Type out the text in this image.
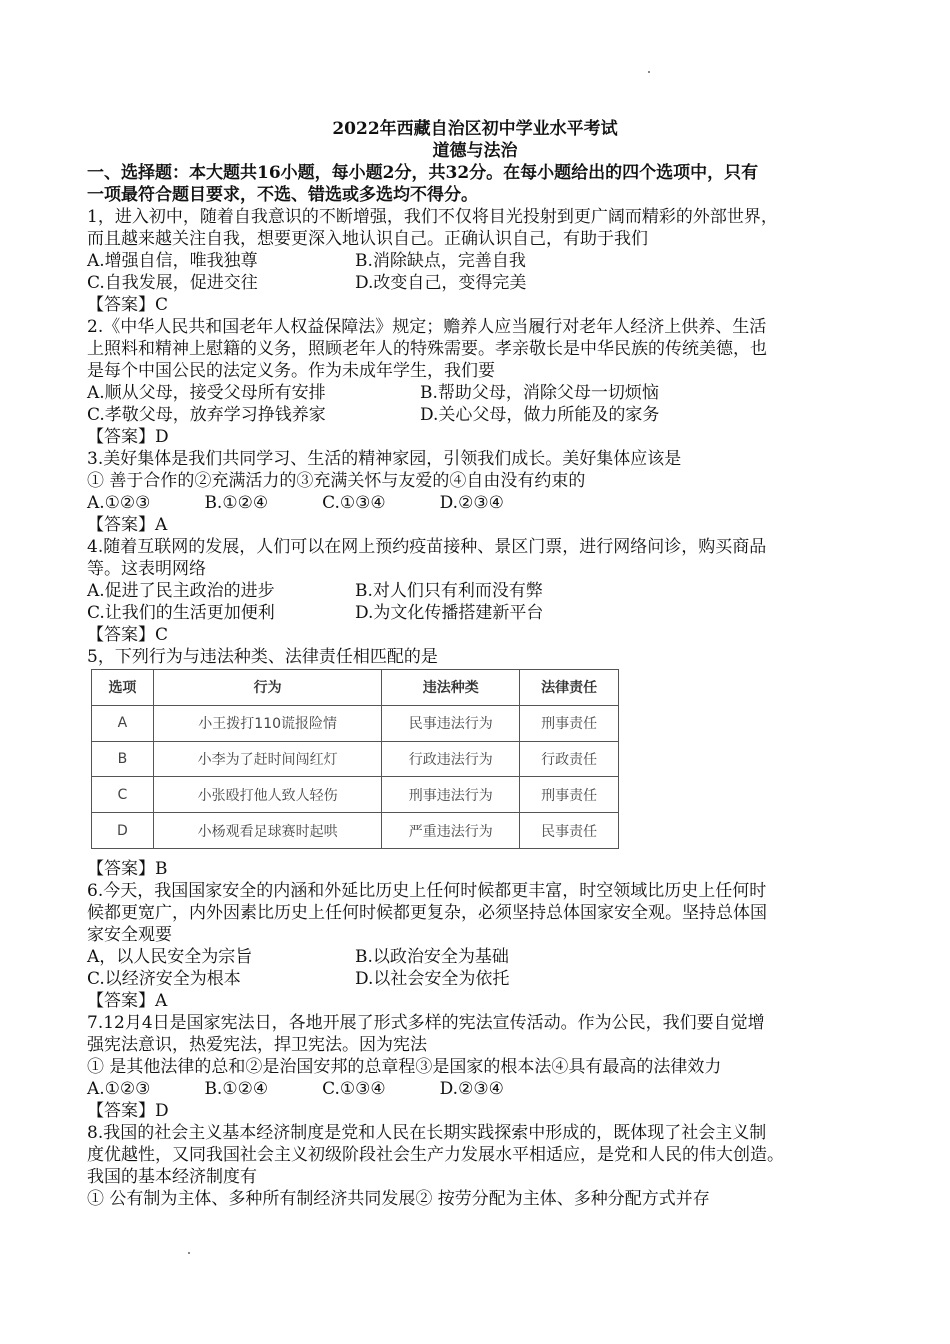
2022年西藏自治区初中学业水平考试
道德与法治
一、选择题：本大题共16小题，每小题2分，共32分。在每小题给出的四个选项中，只有
一项最符合题目要求，不选、错选或多选均不得分。
1，进入初中，随着自我意识的不断增强，我们不仅将目光投射到更广阔而精彩的外部世界，
而且越来越关注自我，想要更深入地认识自己。正确认识自己，有助于我们
A.增强自信，唯我独尊	B.消除缺点，完善自我
C.自我发展，促进交往	D.改变自己，变得完美
【答案】C
2.《中华人民共和国老年人权益保障法》规定；赡养人应当履行对老年人经济上供养、生活
上照料和精神上慰籍的义务，照顾老年人的特殊需要。孝亲敬长是中华民族的传统美德，也
是每个中国公民的法定义务。作为未成年学生，我们要
A.顺从父母，接受父母所有安排	B.帮助父母，消除父母一切烦恼
C.孝敬父母，放弃学习挣钱养家	D.关心父母，做力所能及的家务
【答案】D
3.美好集体是我们共同学习、生活的精神家园，引领我们成长。美好集体应该是
① 善于合作的②充满活力的③充满关怀与友爱的④自由没有约束的
A.①②③          B.①②④          C.①③④          D.②③④
【答案】A
4.随着互联网的发展，人们可以在网上预约疫苗接种、景区门票，进行网络问诊，购买商品
等。这表明网络
A.促进了民主政治的进步	B.对人们只有利而没有弊
C.让我们的生活更加便利	D.为文化传播搭建新平台
【答案】C
5，下列行为与违法种类、法律责任相匹配的是
选项	行为	违法种类	法律责任
A	小王拨打110谎报险情	民事违法行为	刑事责任
B	小李为了赶时间闯红灯	行政违法行为	行政责任
C	小张殴打他人致人轻伤	刑事违法行为	刑事责任
D	小杨观看足球赛时起哄	严重违法行为	民事责任
【答案】B
6.今天，我国国家安全的内涵和外延比历史上任何时候都更丰富，时空领域比历史上任何时
候都更宽广，内外因素比历史上任何时候都更复杂，必须坚持总体国家安全观。坚持总体国
家安全观要
A，以人民安全为宗旨	B.以政治安全为基础
C.以经济安全为根本	D.以社会安全为依托
【答案】A
7.12月4日是国家宪法日，各地开展了形式多样的宪法宣传活动。作为公民，我们要自觉增
强宪法意识，热爱宪法，捍卫宪法。因为宪法
① 是其他法律的总和②是治国安邦的总章程③是国家的根本法④具有最高的法律效力
A.①②③          B.①②④          C.①③④          D.②③④
【答案】D
8.我国的社会主义基本经济制度是党和人民在长期实践探索中形成的，既体现了社会主义制
度优越性，又同我国社会主义初级阶段社会生产力发展水平相适应，是党和人民的伟大创造。
我国的基本经济制度有
① 公有制为主体、多种所有制经济共同发展② 按劳分配为主体、多种分配方式并存
